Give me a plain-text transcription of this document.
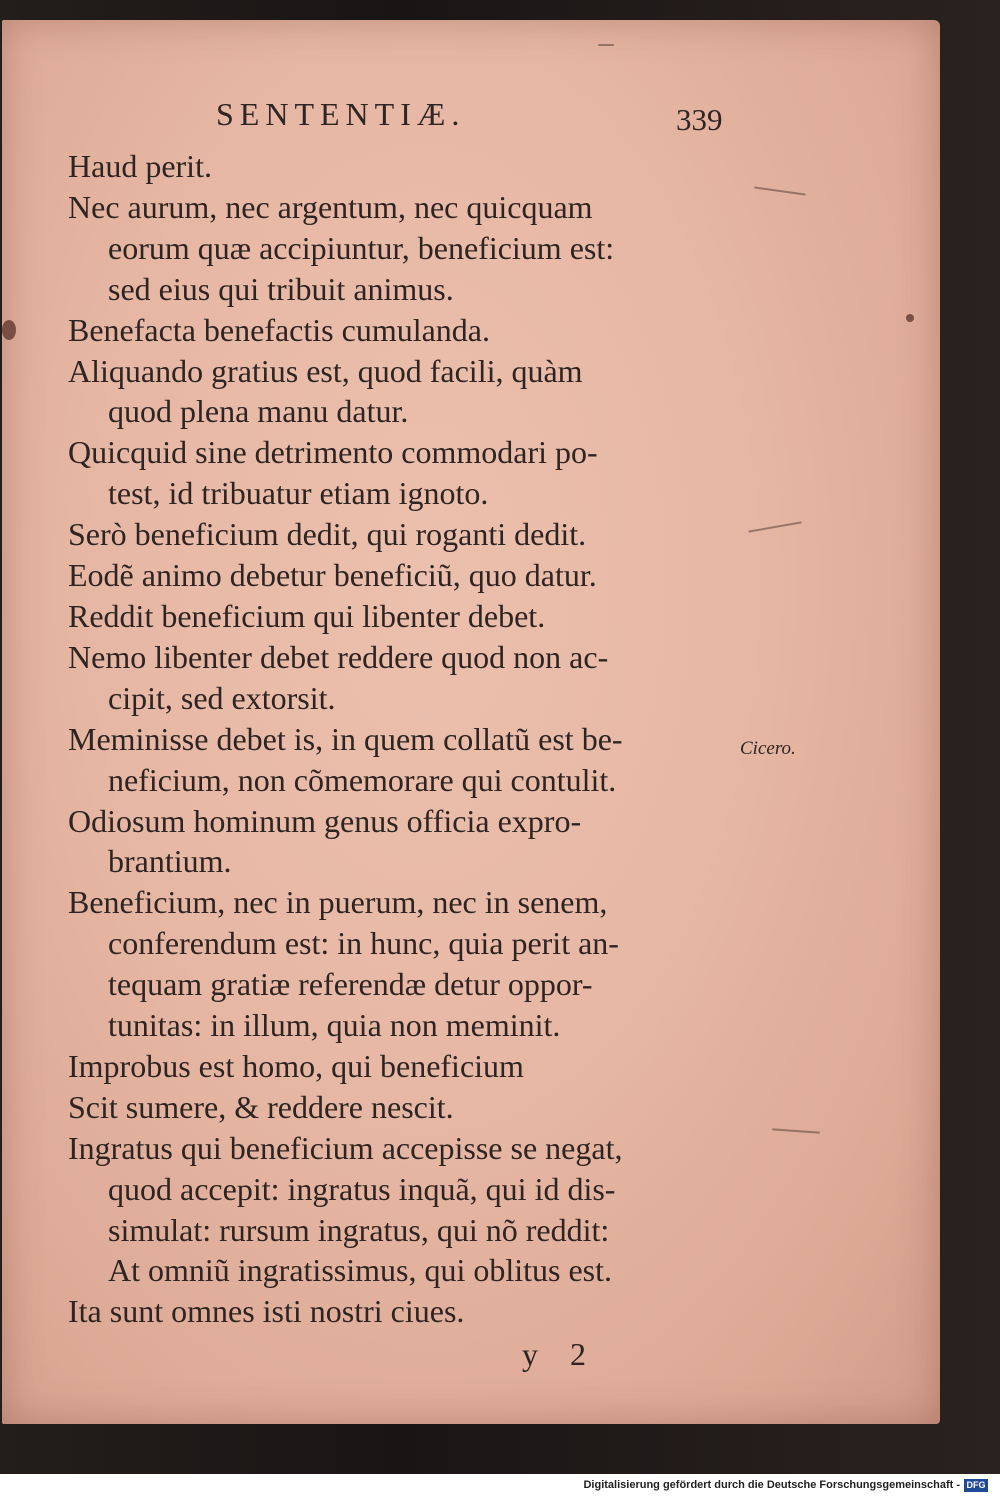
SENTENTIÆ.	339
Haud perit.
Nec aurum, nec argentum, nec quicquam
eorum quæ accipiuntur, beneficium est:
sed eius qui tribuit animus.
Benefacta benefactis cumulanda.
Aliquando gratius est, quod facili, quàm
quod plena manu datur.
Quicquid sine detrimento commodari po-
test, id tribuatur etiam ignoto.
Serò beneficium dedit, qui roganti dedit.
Eodẽ animo debetur beneficiũ, quo datur.
Reddit beneficium qui libenter debet.
Nemo libenter debet reddere quod non ac-
cipit, sed extorsit.
Meminisse debet is, in quem collatũ est be-
neficium, non cõmemorare qui contulit.
Odiosum hominum genus officia expro-
brantium.
Beneficium, nec in puerum, nec in senem,
conferendum est: in hunc, quia perit an-
tequam gratiæ referendæ detur oppor-
tunitas: in illum, quia non meminit.
Improbus est homo, qui beneficium
Scit sumere, & reddere nescit.
Ingratus qui beneficium accepisse se negat,
quod accepit: ingratus inquã, qui id dis-
simulat: rursum ingratus, qui nõ reddit:
At omniũ ingratissimus, qui oblitus est.
Ita sunt omnes isti nostri ciues.
Cicero.
y 2
Digitalisierung gefördert durch die Deutsche Forschungsgemeinschaft - DFG
